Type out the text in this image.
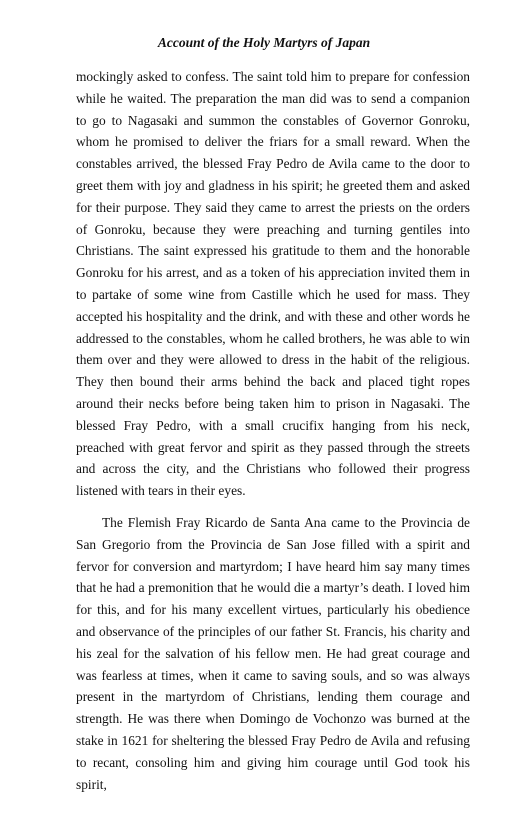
Account of the Holy Martyrs of Japan

mockingly asked to confess. The saint told him to prepare for confession while he waited. The preparation the man did was to send a companion to go to Nagasaki and summon the constables of Governor Gonroku, whom he promised to deliver the friars for a small reward. When the constables arrived, the blessed Fray Pedro de Avila came to the door to greet them with joy and gladness in his spirit; he greeted them and asked for their purpose. They said they came to arrest the priests on the orders of Gonroku, because they were preaching and turning gentiles into Christians. The saint expressed his gratitude to them and the honorable Gonroku for his arrest, and as a token of his appreciation invited them in to partake of some wine from Castille which he used for mass. They accepted his hospitality and the drink, and with these and other words he addressed to the constables, whom he called brothers, he was able to win them over and they were allowed to dress in the habit of the religious. They then bound their arms behind the back and placed tight ropes around their necks before being taken him to prison in Nagasaki. The blessed Fray Pedro, with a small crucifix hanging from his neck, preached with great fervor and spirit as they passed through the streets and across the city, and the Christians who followed their progress listened with tears in their eyes.

The Flemish Fray Ricardo de Santa Ana came to the Provincia de San Gregorio from the Provincia de San Jose filled with a spirit and fervor for conversion and martyrdom; I have heard him say many times that he had a premonition that he would die a martyr’s death. I loved him for this, and for his many excellent virtues, particularly his obedience and observance of the principles of our father St. Francis, his charity and his zeal for the salvation of his fellow men. He had great courage and was fearless at times, when it came to saving souls, and so was always present in the martyrdom of Christians, lending them courage and strength. He was there when Domingo de Vochonzo was burned at the stake in 1621 for sheltering the blessed Fray Pedro de Avila and refusing to recant, consoling him and giving him courage until God took his spirit,
